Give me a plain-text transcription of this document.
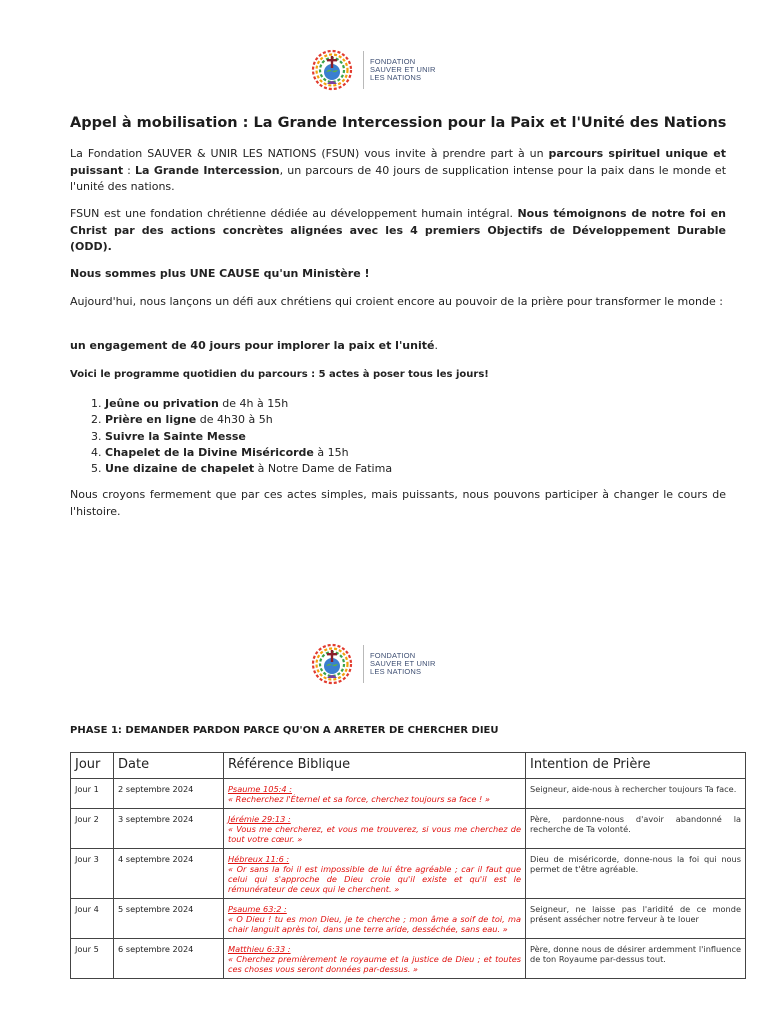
FONDATION
SAUVER ET UNIR
LES NATIONS
Appel à mobilisation : La Grande Intercession pour la Paix et l'Unité des Nations
La Fondation SAUVER & UNIR LES NATIONS (FSUN) vous invite à prendre part à un parcours spirituel unique et puissant : La Grande Intercession, un parcours de 40 jours de supplication intense pour la paix dans le monde et l'unité des nations.
FSUN est une fondation chrétienne dédiée au développement humain intégral. Nous témoignons de notre foi en Christ par des actions concrètes alignées avec les 4 premiers Objectifs de Développement Durable (ODD).
Nous sommes plus UNE CAUSE qu'un Ministère !
Aujourd'hui, nous lançons un défi aux chrétiens qui croient encore au pouvoir de la prière pour transformer le monde :
un engagement de 40 jours pour implorer la paix et l'unité.
Voici le programme quotidien du parcours : 5 actes à poser tous les jours!
1. Jeûne ou privation de 4h à 15h
2. Prière en ligne de 4h30 à 5h
3. Suivre la Sainte Messe
4. Chapelet de la Divine Miséricorde à 15h
5. Une dizaine de chapelet à Notre Dame de Fatima
Nous croyons fermement que par ces actes simples, mais puissants, nous pouvons participer à changer le cours de l'histoire.
FONDATION
SAUVER ET UNIR
LES NATIONS
PHASE 1: DEMANDER PARDON PARCE QU'ON A ARRETER DE CHERCHER DIEU
Jour	Date	Référence Biblique	Intention de Prière
Jour 1	2 septembre 2024	Psaume 105:4 :
« Recherchez l'Éternel et sa force, cherchez toujours sa face ! »	Seigneur, aide-nous à rechercher toujours Ta face.
Jour 2	3 septembre 2024	Jérémie 29:13 :
« Vous me chercherez, et vous me trouverez, si vous me cherchez de tout votre cœur. »	Père, pardonne-nous d'avoir abandonné la recherche de Ta volonté.
Jour 3	4 septembre 2024	Hébreux 11:6 :
« Or sans la foi il est impossible de lui être agréable ; car il faut que celui qui s'approche de Dieu croie qu'il existe et qu'il est le rémunérateur de ceux qui le cherchent. »	Dieu de miséricorde, donne-nous la foi qui nous permet de t'être agréable.
Jour 4	5 septembre 2024	Psaume 63:2 :
« O Dieu ! tu es mon Dieu, je te cherche ; mon âme a soif de toi, ma chair languit après toi, dans une terre aride, desséchée, sans eau. »	Seigneur, ne laisse pas l'aridité de ce monde présent assécher notre ferveur à te louer
Jour 5	6 septembre 2024	Matthieu 6:33 :
« Cherchez premièrement le royaume et la justice de Dieu ; et toutes ces choses vous seront données par-dessus. »	Père, donne nous de désirer ardemment l'influence de ton Royaume par-dessus tout.
